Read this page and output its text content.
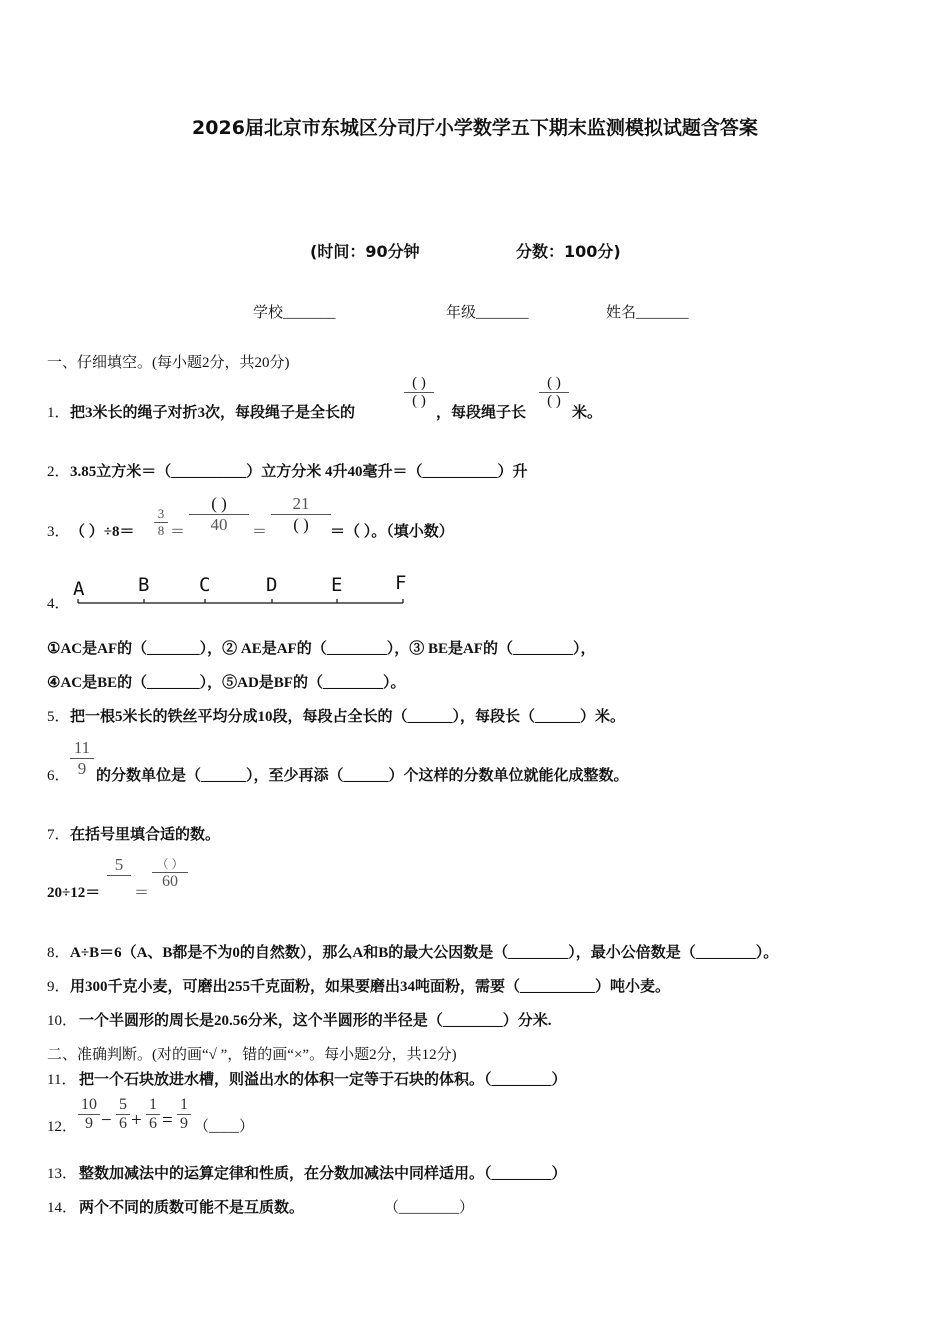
2026届北京市东城区分司厅小学数学五下期末监测模拟试题含答案
(时间：90分钟	分数：100分)
学校_______	年级_______	姓名_______
一、仔细填空。(每小题2分，共20分)
1． 把3米长的绳子对折3次，每段绳子是全长的
( )
( )
，每段绳子长
( )
( )
米。
2． 3.85立方米＝（__________）立方分米 4升40毫升＝（__________）升
3． （ ）$\div 8= \frac{3}{8}$ ＝
( )
40	＝
21
( )	＝（ ）。（填小数）
4．
A	B	C	D	E	F
①AC是AF的（_______），② AE是AF的（________），③ BE是AF的（________），
④AC是BE的（_______），⑤AD是BF的（________）。
5． 把一根5米长的铁丝平均分成10段，每段占全长的（______），每段长（______）米。
6． $\frac{11}{9}$ 的分数单位是（______），至少再添（______）个这样的分数单位就能化成整数。
7． 在括号里填合适的数。
20÷12＝
5
＝
（ ）
60
8． A÷B＝6（A、B都是不为0的自然数），那么A和B的最大公因数是（________），最小公倍数是（________）。
9． 用300千克小麦，可磨出255千克面粉，如果要磨出34吨面粉，需要（__________）吨小麦。
10． 一个半圆形的周长是20.56分米，这个半圆形的半径是（________）分米.
二、准确判断。(对的画“√ ”，错的画“×”。每小题2分，共12分)
11． 把一个石块放进水槽，则溢出水的体积一定等于石块的体积。（________）
12． $\frac{10}{9} - \frac{5}{6} + \frac{1}{6} = \frac{1}{9}$ （____）
13． 整数加减法中的运算定律和性质，在分数加减法中同样适用。（________）
14． 两个不同的质数可能不是互质数。	（________）
